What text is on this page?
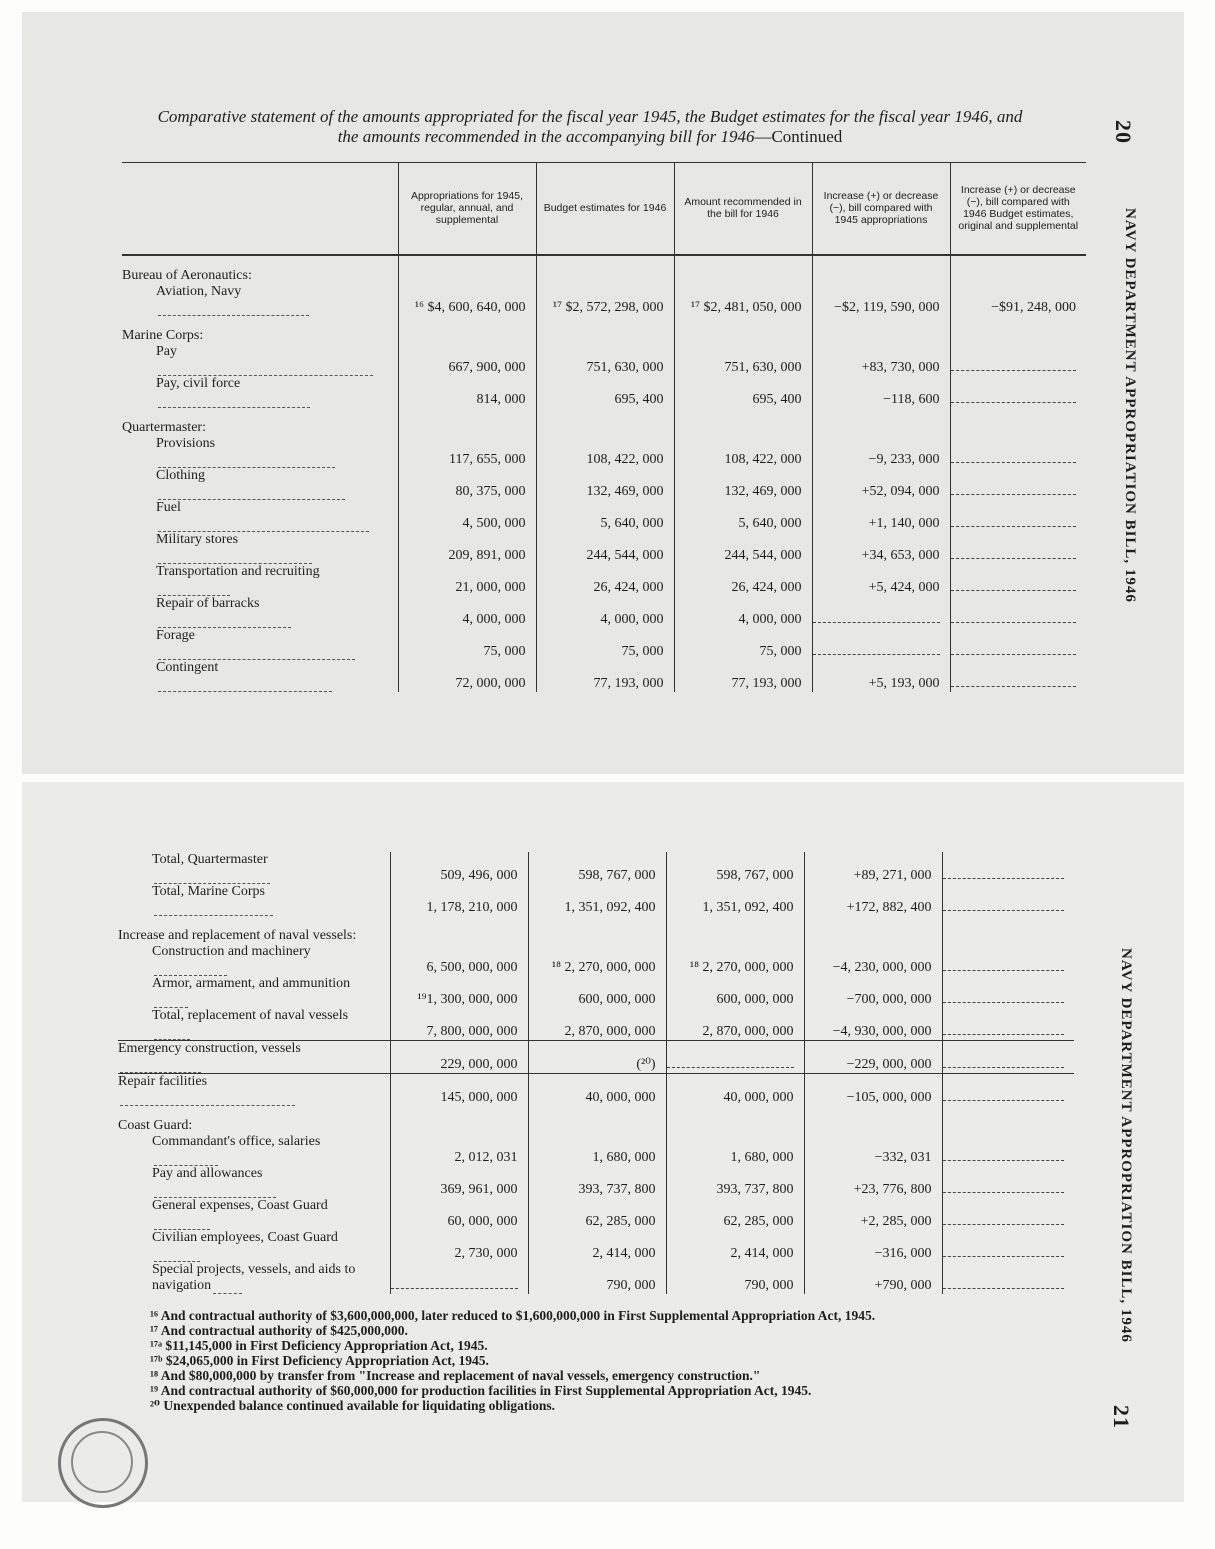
Comparative statement of the amounts appropriated for the fiscal year 1945, the Budget estimates for the fiscal year 1946, and
the amounts recommended in the accompanying bill for 1946—Continued	20
NAVY DEPARTMENT APPROPRIATION BILL, 1946
	Appropriations for 1945, regular, annual, and supplemental	Budget estimates for 1946	Amount recommended in the bill for 1946	Increase (+) or decrease (−), bill compared with 1945 appropriations	Increase (+) or decrease (−), bill compared with 1946 Budget estimates, original and supplemental
Bureau of Aeronautics:					
Aviation, Navy	¹⁶ $4, 600, 640, 000	¹⁷ $2, 572, 298, 000	¹⁷ $2, 481, 050, 000	−$2, 119, 590, 000	−$91, 248, 000
Marine Corps:					
Pay	667, 900, 000	751, 630, 000	751, 630, 000	+83, 730, 000	
Pay, civil force	814, 000	695, 400	695, 400	−118, 600	
Quartermaster:					
Provisions	117, 655, 000	108, 422, 000	108, 422, 000	−9, 233, 000	
Clothing	80, 375, 000	132, 469, 000	132, 469, 000	+52, 094, 000	
Fuel	4, 500, 000	5, 640, 000	5, 640, 000	+1, 140, 000	
Military stores	209, 891, 000	244, 544, 000	244, 544, 000	+34, 653, 000	
Transportation and recruiting	21, 000, 000	26, 424, 000	26, 424, 000	+5, 424, 000	
Repair of barracks	4, 000, 000	4, 000, 000	4, 000, 000		
Forage	75, 000	75, 000	75, 000		
Contingent	72, 000, 000	77, 193, 000	77, 193, 000	+5, 193, 000	
NAVY DEPARTMENT APPROPRIATION BILL, 1946
21
Total, Quartermaster	509, 496, 000	598, 767, 000	598, 767, 000	+89, 271, 000	
Total, Marine Corps	1, 178, 210, 000	1, 351, 092, 400	1, 351, 092, 400	+172, 882, 400	
Increase and replacement of naval vessels:					
Construction and machinery	6, 500, 000, 000	¹⁸ 2, 270, 000, 000	¹⁸ 2, 270, 000, 000	−4, 230, 000, 000	
Armor, armament, and ammunition	¹⁹1, 300, 000, 000	600, 000, 000	600, 000, 000	−700, 000, 000	
Total, replacement of naval vessels	7, 800, 000, 000	2, 870, 000, 000	2, 870, 000, 000	−4, 930, 000, 000	
Emergency construction, vessels	229, 000, 000	(²⁰)		−229, 000, 000	
Repair facilities	145, 000, 000	40, 000, 000	40, 000, 000	−105, 000, 000	
Coast Guard:					
Commandant's office, salaries	2, 012, 031	1, 680, 000	1, 680, 000	−332, 031	
Pay and allowances	369, 961, 000	393, 737, 800	393, 737, 800	+23, 776, 800	
General expenses, Coast Guard	60, 000, 000	62, 285, 000	62, 285, 000	+2, 285, 000	
Civilian employees, Coast Guard	2, 730, 000	2, 414, 000	2, 414, 000	−316, 000	
Special projects, vessels, and aids to navigation		790, 000	790, 000	+790, 000	
¹⁶ And contractual authority of $3,600,000,000, later reduced to $1,600,000,000 in First Supplemental Appropriation Act, 1945.
¹⁷ And contractual authority of $425,000,000.
¹⁷ᵃ $11,145,000 in First Deficiency Appropriation Act, 1945.
¹⁷ᵇ $24,065,000 in First Deficiency Appropriation Act, 1945.
¹⁸ And $80,000,000 by transfer from "Increase and replacement of naval vessels, emergency construction."
¹⁹ And contractual authority of $60,000,000 for production facilities in First Supplemental Appropriation Act, 1945.
²⁰ Unexpended balance continued available for liquidating obligations.
